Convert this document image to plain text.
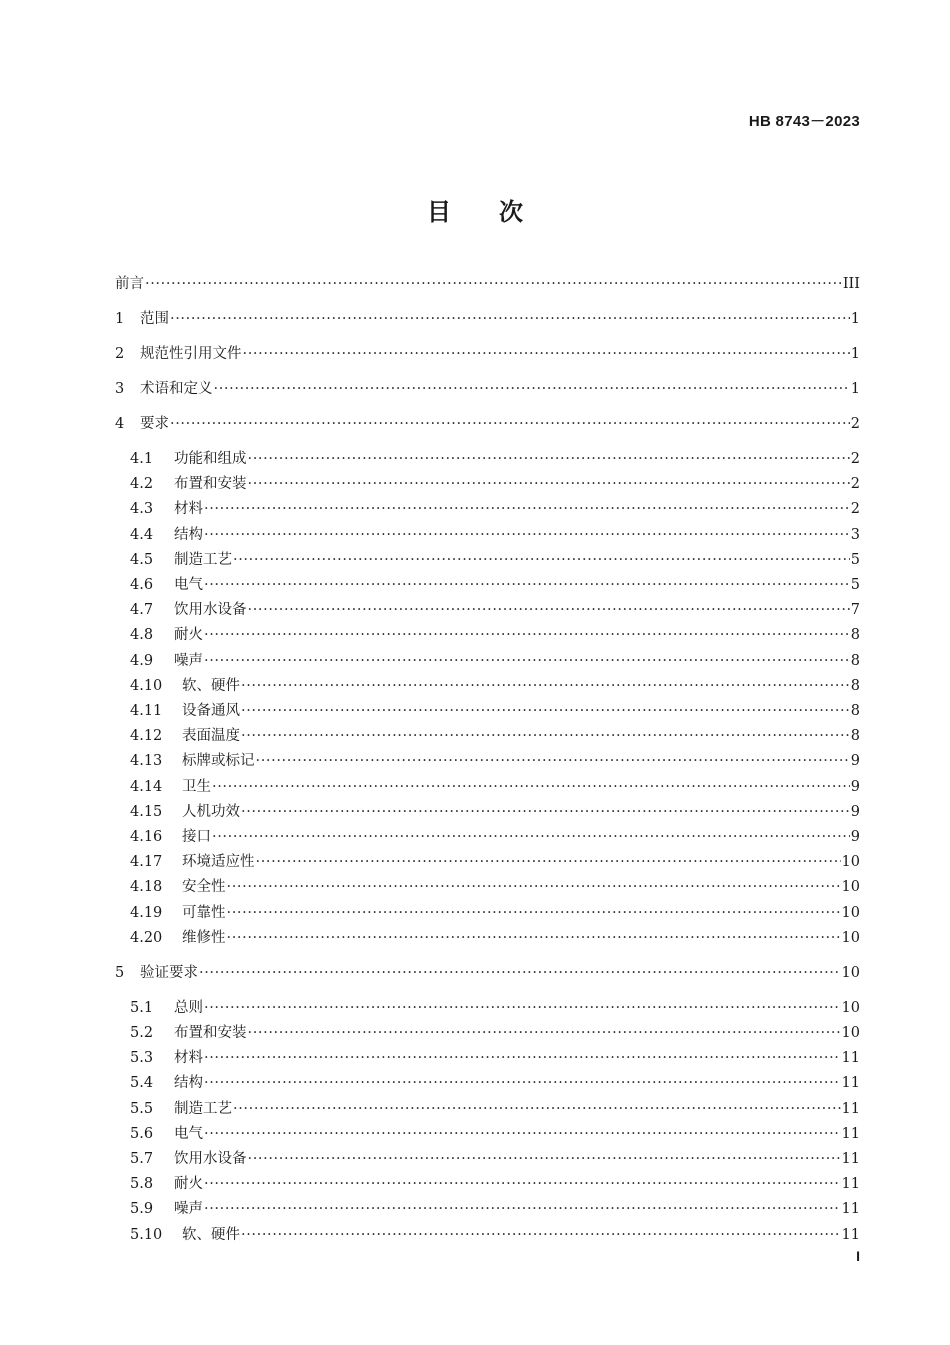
HB 8743－2023
目 次
前言 ·····	III
1	范围 ·····	1
2	规范性引用文件 ·····	1
3	术语和定义 ·····	1
4	要求 ·····	2
4.1	功能和组成 ·····	2
4.2	布置和安装 ·····	2
4.3	材料 ·····	2
4.4	结构 ·····	3
4.5	制造工艺 ·····	5
4.6	电气 ·····	5
4.7	饮用水设备 ·····	7
4.8	耐火 ·····	8
4.9	噪声 ·····	8
4.10	软、硬件 ·····	8
4.11	设备通风 ·····	8
4.12	表面温度 ·····	8
4.13	标牌或标记 ·····	9
4.14	卫生 ·····	9
4.15	人机功效 ·····	9
4.16	接口 ·····	9
4.17	环境适应性 ·····	10
4.18	安全性 ·····	10
4.19	可靠性 ·····	10
4.20	维修性 ·····	10
5	验证要求 ·····	10
5.1	总则 ·····	10
5.2	布置和安装 ·····	10
5.3	材料 ·····	11
5.4	结构 ·····	11
5.5	制造工艺 ·····	11
5.6	电气 ·····	11
5.7	饮用水设备 ·····	11
5.8	耐火 ·····	11
5.9	噪声 ·····	11
5.10	软、硬件 ·····	11
I
